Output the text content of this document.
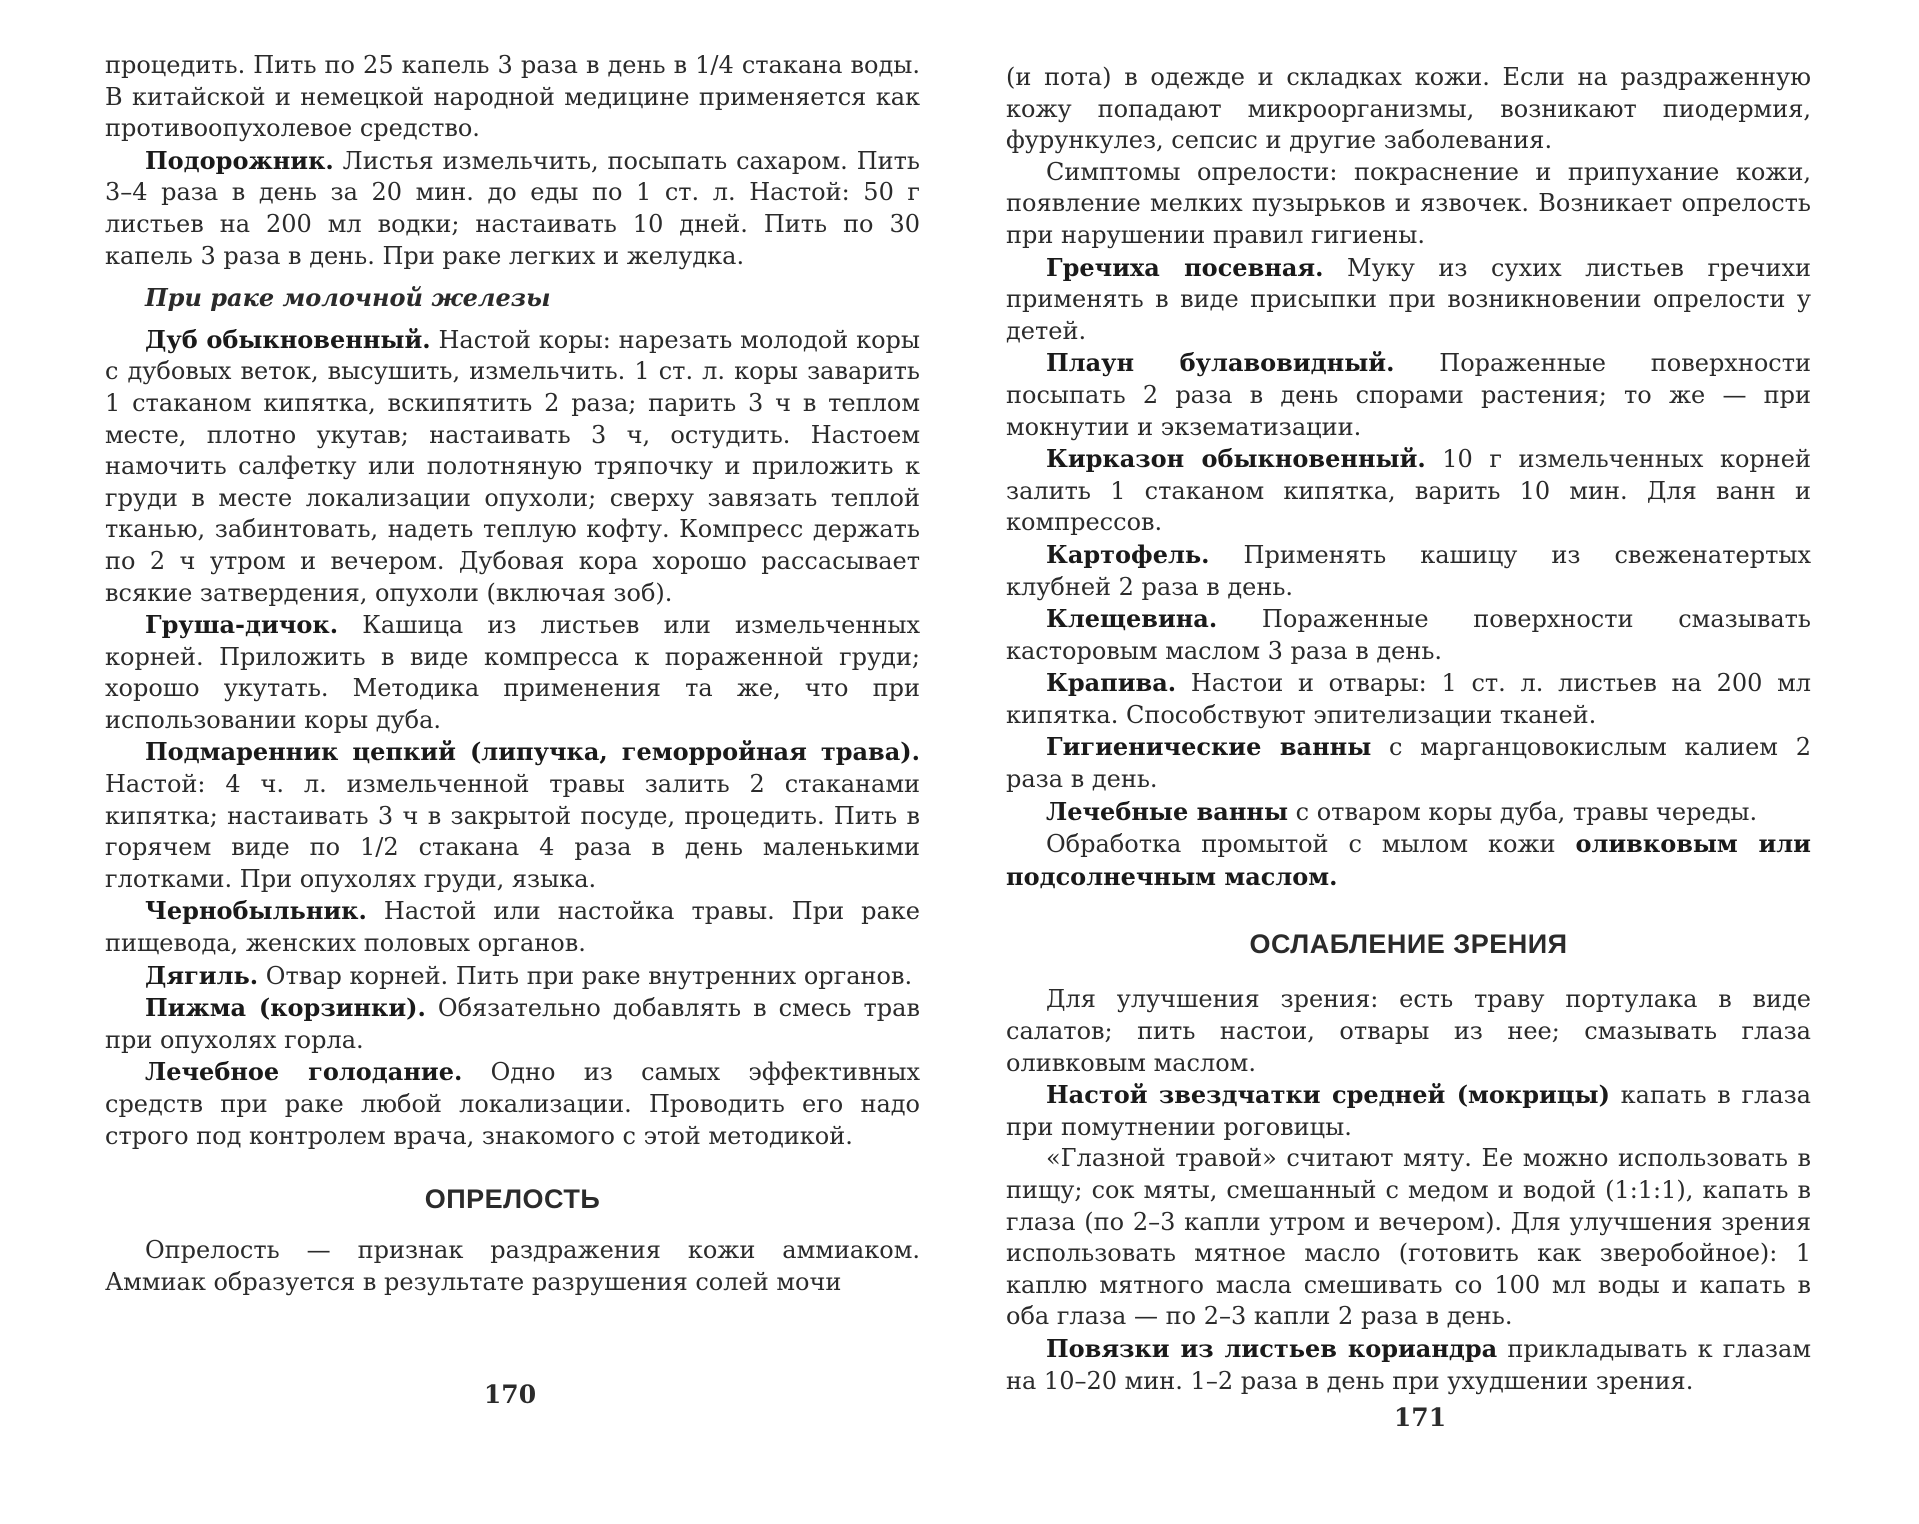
процедить. Пить по 25 капель 3 раза в день в 1/4 стакана воды. В китайской и немецкой народной медицине применяется как противоопухолевое средство.

Подорожник. Листья измельчить, посыпать сахаром. Пить 3–4 раза в день за 20 мин. до еды по 1 ст. л. Настой: 50 г листьев на 200 мл водки; настаивать 10 дней. Пить по 30 капель 3 раза в день. При раке легких и желудка.

При раке молочной железы

Дуб обыкновенный. Настой коры: нарезать молодой коры с дубовых веток, высушить, измельчить. 1 ст. л. коры заварить 1 стаканом кипятка, вскипятить 2 раза; парить 3 ч в теплом месте, плотно укутав; настаивать 3 ч, остудить. Настоем намочить салфетку или полотняную тряпочку и приложить к груди в месте локализации опухоли; сверху завязать теплой тканью, забинтовать, надеть теплую кофту. Компресс держать по 2 ч утром и вечером. Дубовая кора хорошо рассасывает всякие затвердения, опухоли (включая зоб).

Груша-дичок. Кашица из листьев или измельченных корней. Приложить в виде компресса к пораженной груди; хорошо укутать. Методика применения та же, что при использовании коры дуба.

Подмаренник цепкий (липучка, геморройная трава). Настой: 4 ч. л. измельченной травы залить 2 стаканами кипятка; настаивать 3 ч в закрытой посуде, процедить. Пить в горячем виде по 1/2 стакана 4 раза в день маленькими глотками. При опухолях груди, языка.

Чернобыльник. Настой или настойка травы. При раке пищевода, женских половых органов.

Дягиль. Отвар корней. Пить при раке внутренних органов.

Пижма (корзинки). Обязательно добавлять в смесь трав при опухолях горла.

Лечебное голодание. Одно из самых эффективных средств при раке любой локализации. Проводить его надо строго под контролем врача, знакомого с этой методикой.

ОПРЕЛОСТЬ

Опрелость — признак раздражения кожи аммиаком. Аммиак образуется в результате разрушения солей мочи

170

(и пота) в одежде и складках кожи. Если на раздраженную кожу попадают микроорганизмы, возникают пиодермия, фурункулез, сепсис и другие заболевания.

Симптомы опрелости: покраснение и припухание кожи, появление мелких пузырьков и язвочек. Возникает опрелость при нарушении правил гигиены.

Гречиха посевная. Муку из сухих листьев гречихи применять в виде присыпки при возникновении опрелости у детей.

Плаун булавовидный. Пораженные поверхности посыпать 2 раза в день спорами растения; то же — при мокнутии и экзематизации.

Кирказон обыкновенный. 10 г измельченных корней залить 1 стаканом кипятка, варить 10 мин. Для ванн и компрессов.

Картофель. Применять кашицу из свеженатертых клубней 2 раза в день.

Клещевина. Пораженные поверхности смазывать касторовым маслом 3 раза в день.

Крапива. Настои и отвары: 1 ст. л. листьев на 200 мл кипятка. Способствуют эпителизации тканей.

Гигиенические ванны с марганцовокислым калием 2 раза в день.

Лечебные ванны с отваром коры дуба, травы череды.

Обработка промытой с мылом кожи оливковым или подсолнечным маслом.

ОСЛАБЛЕНИЕ ЗРЕНИЯ

Для улучшения зрения: есть траву портулака в виде салатов; пить настои, отвары из нее; смазывать глаза оливковым маслом.

Настой звездчатки средней (мокрицы) капать в глаза при помутнении роговицы.

«Глазной травой» считают мяту. Ее можно использовать в пищу; сок мяты, смешанный с медом и водой (1:1:1), капать в глаза (по 2–3 капли утром и вечером). Для улучшения зрения использовать мятное масло (готовить как зверобойное): 1 каплю мятного масла смешивать со 100 мл воды и капать в оба глаза — по 2–3 капли 2 раза в день.

Повязки из листьев кориандра прикладывать к глазам на 10–20 мин. 1–2 раза в день при ухудшении зрения.

171
